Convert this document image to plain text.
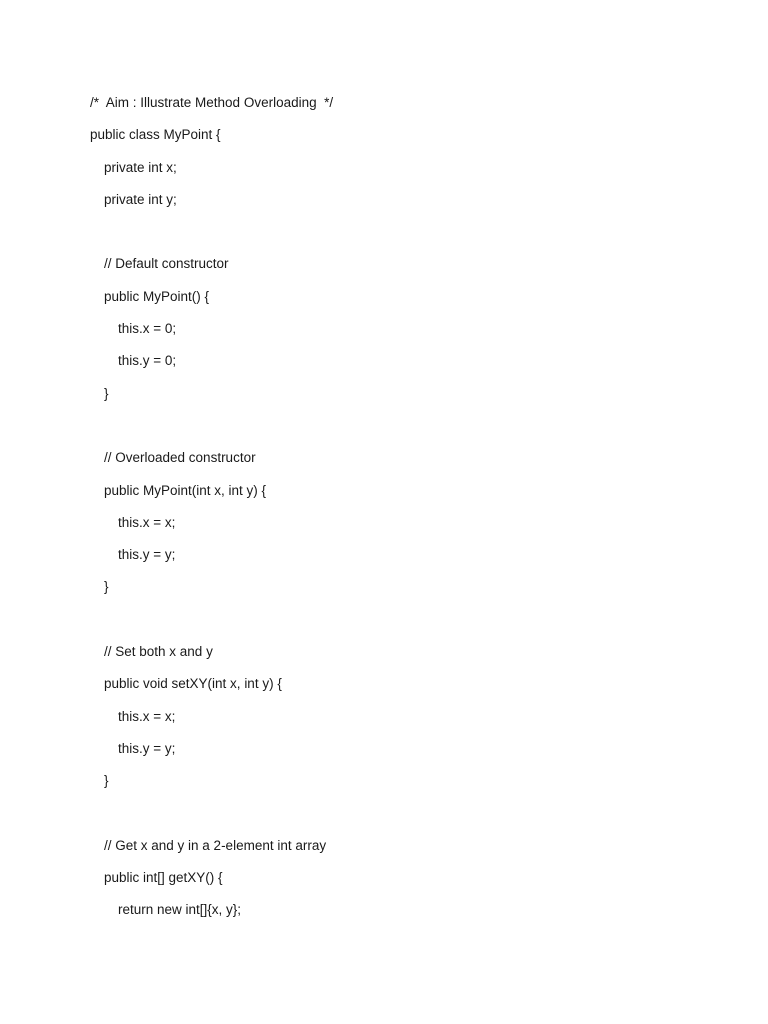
/*  Aim : Illustrate Method Overloading  */
public class MyPoint {
private int x;
private int y;
// Default constructor
public MyPoint() {
this.x = 0;
this.y = 0;
}
// Overloaded constructor
public MyPoint(int x, int y) {
this.x = x;
this.y = y;
}
// Set both x and y
public void setXY(int x, int y) {
this.x = x;
this.y = y;
}
// Get x and y in a 2-element int array
public int[] getXY() {
return new int[]{x, y};
